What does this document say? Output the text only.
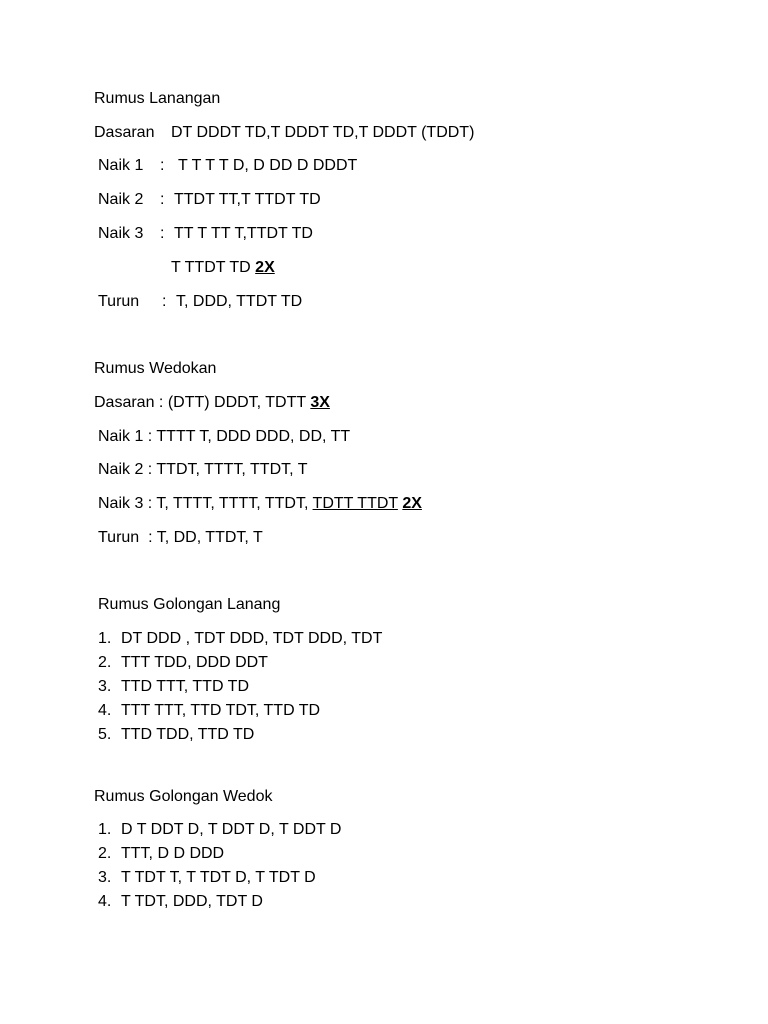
Rumus Lanangan
Dasaran DT DDDT TD,T DDDT TD,T DDDT (TDDT)
Naik 1 : T T T T D, D DD D DDDT
Naik 2 : TTDT TT,T TTDT TD
Naik 3 : TT T TT T,TTDT TD
T TTDT TD 2X
Turun : T, DDD, TTDT TD
Rumus Wedokan
Dasaran : (DTT) DDDT, TDTT 3X
Naik 1 : TTTT T, DDD DDD, DD, TT
Naik 2 : TTDT, TTTT, TTDT, T
Naik 3 : T, TTTT, TTTT, TTDT, TDTT TTDT 2X
Turun  : T, DD, TTDT, T
Rumus Golongan Lanang
1. DT DDD , TDT DDD, TDT DDD, TDT
2. TTT TDD, DDD DDT
3. TTD TTT, TTD TD
4. TTT TTT, TTD TDT, TTD TD
5. TTD TDD, TTD TD
Rumus Golongan Wedok
1. D T DDT D, T DDT D, T DDT D
2. TTT, D D DDD
3. T TDT T, T TDT D, T TDT D
4. T TDT, DDD, TDT D
